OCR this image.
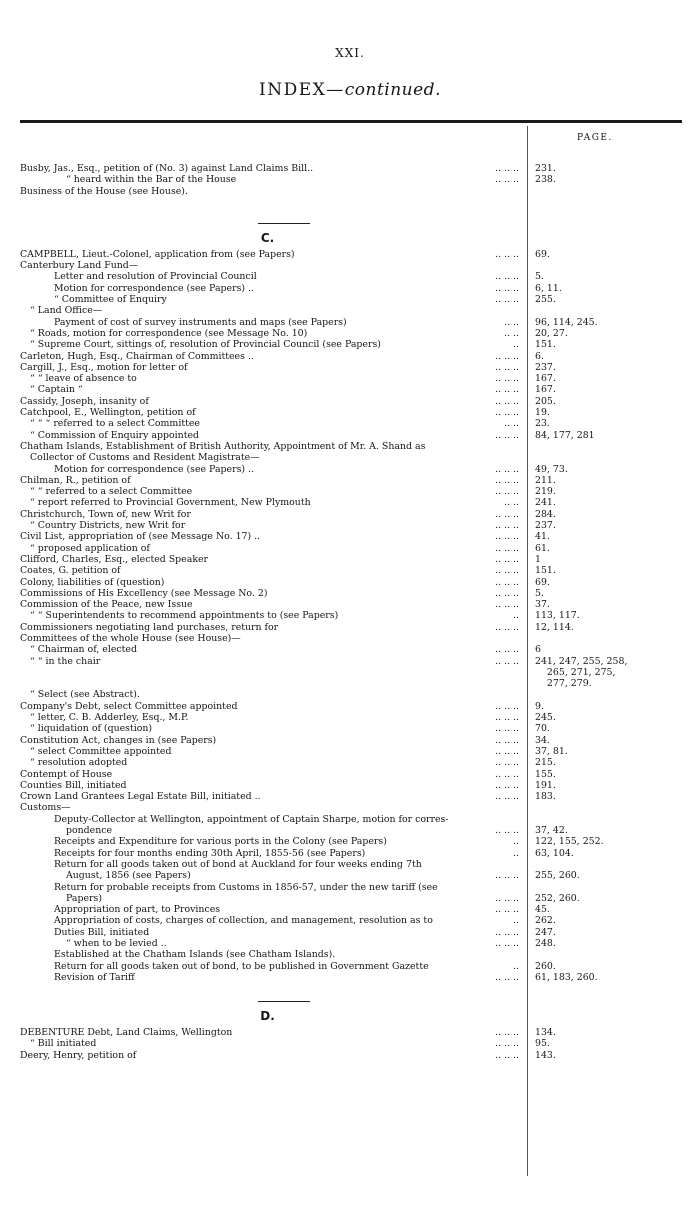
XXI.
INDEX—continued.
PAGE.
Busby, Jas., Esq., petition of (No. 3) against Land Claims Bill..	.. .. .. 231.
“ heard within the Bar of the House	.. .. .. 238.
Business of the House (see House).
C.
CAMPBELL, Lieut.-Colonel, application from (see Papers)	.. .. .. 69.
Canterbury Land Fund—
Letter and resolution of Provincial Council	.. .. .. 5.
Motion for correspondence (see Papers) ..	.. .. .. 6, 11.
“ Committee of Enquiry	.. .. .. 255.
“ Land Office—
Payment of cost of survey instruments and maps (see Papers)	.. .. 96, 114, 245.
“ Roads, motion for correspondence (see Message No. 10)	.. .. 20, 27.
“ Supreme Court, sittings of, resolution of Provincial Council (see Papers)	.. 151.
Carleton, Hugh, Esq., Chairman of Committees ..	.. .. .. 6.
Cargill, J., Esq., motion for letter of	.. .. .. 237.
“ “ leave of absence to	.. .. .. 167.
“ Captain “	.. .. .. 167.
Cassidy, Joseph, insanity of	.. .. .. 205.
Catchpool, E., Wellington, petition of	.. .. .. 19.
“ “ “ referred to a select Committee	.. .. 23.
“ Commission of Enquiry appointed	.. .. .. 84, 177, 281
Chatham Islands, Establishment of British Authority, Appointment of Mr. A. Shand as
Collector of Customs and Resident Magistrate—
Motion for correspondence (see Papers) ..	.. .. .. 49, 73.
Chilman, R., petition of	.. .. .. 211.
“ “ referred to a select Committee	.. .. .. 219.
“ report referred to Provincial Government, New Plymouth	.. .. 241.
Christchurch, Town of, new Writ for	.. .. .. 284.
“ Country Districts, new Writ for	.. .. .. 237.
Civil List, appropriation of (see Message No. 17) ..	.. .. .. 41.
“ proposed application of	.. .. .. 61.
Clifford, Charles, Esq., elected Speaker	.. .. .. 1
Coates, G. petition of	.. .. .. 151.
Colony, liabilities of (question)	.. .. .. 69.
Commissions of His Excellency (see Message No. 2)	.. .. .. 5.
Commission of the Peace, new Issue	.. .. .. 37.
“ “ Superintendents to recommend appointments to (see Papers)	.. 113, 117.
Commissioners negotiating land purchases, return for	.. .. .. 12, 114.
Committees of the whole House (see House)—
“ Chairman of, elected	.. .. .. 6
“ “ in the chair	.. .. .. 241, 247, 255, 258,
265, 271, 275,
277, 279.
“ Select (see Abstract).
Company's Debt, select Committee appointed	.. .. .. 9.
“ letter, C. B. Adderley, Esq., M.P.	.. .. .. 245.
“ liquidation of (question)	.. .. .. 70.
Constitution Act, changes in (see Papers)	.. .. .. 34.
“ select Committee appointed	.. .. .. 37, 81.
“ resolution adopted	.. .. .. 215.
Contempt of House	.. .. .. 155.
Counties Bill, initiated	.. .. .. 191.
Crown Land Grantees Legal Estate Bill, initiated ..	.. .. .. 183.
Customs—
Deputy-Collector at Wellington, appointment of Captain Sharpe, motion for corres-
pondence	.. .. .. 37, 42.
Receipts and Expenditure for various ports in the Colony (see Papers)	.. 122, 155, 252.
Receipts for four months ending 30th April, 1855-56 (see Papers)	.. 63, 104.
Return for all goods taken out of bond at Auckland for four weeks ending 7th
August, 1856 (see Papers)	.. .. .. 255, 260.
Return for probable receipts from Customs in 1856-57, under the new tariff (see
Papers)	.. .. .. 252, 260.
Appropriation of part, to Provinces	.. .. .. 45.
Appropriation of costs, charges of collection, and management, resolution as to	.. 262.
Duties Bill, initiated	.. .. .. 247.
“ when to be levied ..	.. .. .. 248.
Established at the Chatham Islands (see Chatham Islands).
Return for all goods taken out of bond, to be published in Government Gazette	.. 260.
Revision of Tariff	.. .. .. 61, 183, 260.
D.
DEBENTURE Debt, Land Claims, Wellington	.. .. .. 134.
“ Bill initiated	.. .. .. 95.
Deery, Henry, petition of	.. .. .. 143.
